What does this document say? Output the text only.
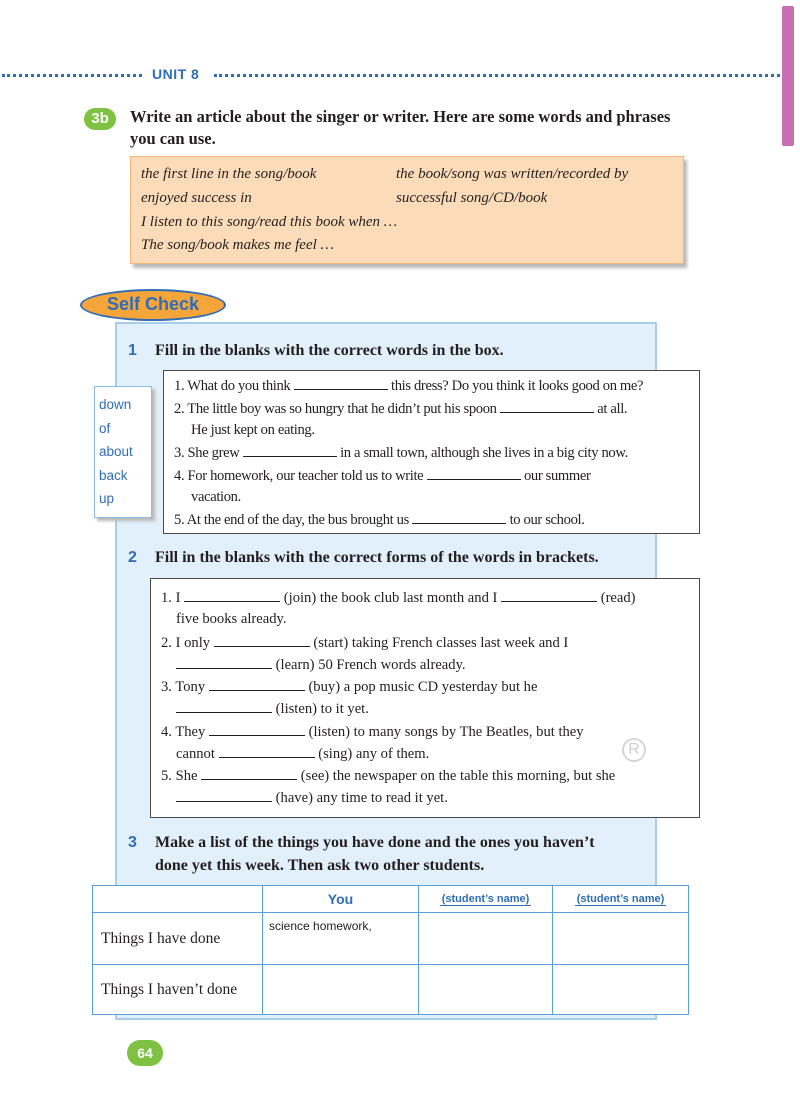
UNIT 8
3b	Write an article about the singer or writer. Here are some words and phrases you can use.
the first line in the song/book	the book/song was written/recorded by
enjoyed success in	successful song/CD/book
I listen to this song/read this book when …
The song/book makes me feel …
Self Check
1 Fill in the blanks with the correct words in the box.
down
of
about
back
up
1. What do you think	this dress? Do you think it looks good on me?
2. The little boy was so hungry that he didn’t put his spoon	at all.
He just kept on eating.
3. She grew	in a small town, although she lives in a big city now.
4. For homework, our teacher told us to write	our summer
vacation.
5. At the end of the day, the bus brought us	to our school.
2 Fill in the blanks with the correct forms of the words in brackets.
1. I	(join) the book club last month and I	(read)
five books already.
2. I only	(start) taking French classes last week and I
(learn) 50 French words already.
3. Tony	(buy) a pop music CD yesterday but he
(listen) to it yet.
4. They	(listen) to many songs by The Beatles, but they
cannot	(sing) any of them.
5. She	(see) the newspaper on the table this morning, but she
(have) any time to read it yet.
R
3 Make a list of the things you have done and the ones you haven’t
done yet this week. Then ask two other students.
	You	(student’s name)	(student’s name)
Things I have done	science homework,		
Things I haven’t done			
64
